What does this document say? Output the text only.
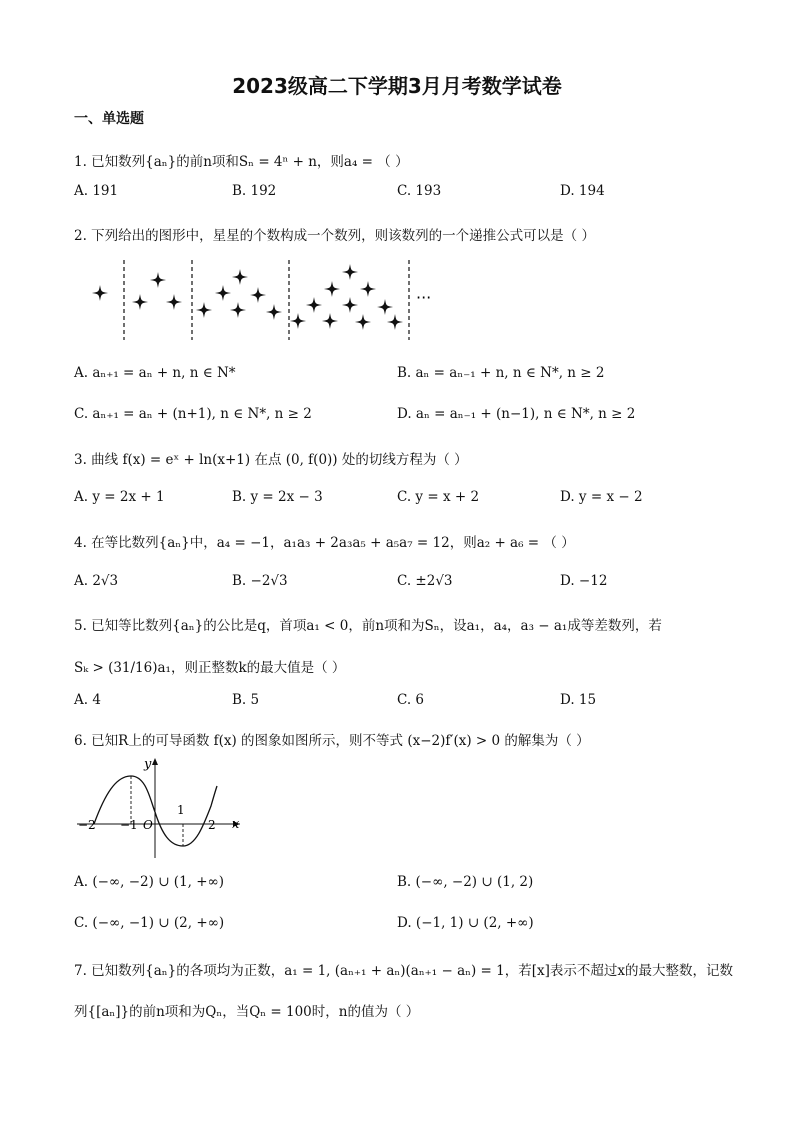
2023级高二下学期3月月考数学试卷
一、单选题
1. 已知数列{aₙ}的前n项和Sₙ = 4ⁿ + n，则a₄ = （ ）
A. 191	B. 192	C. 193	D. 194
2. 下列给出的图形中，星星的个数构成一个数列，则该数列的一个递推公式可以是（ ）
···
A. aₙ₊₁ = aₙ + n, n ∈ N*	B. aₙ = aₙ₋₁ + n, n ∈ N*, n ≥ 2
C. aₙ₊₁ = aₙ + (n+1), n ∈ N*, n ≥ 2	D. aₙ = aₙ₋₁ + (n−1), n ∈ N*, n ≥ 2
3. 曲线 f(x) = eˣ + ln(x+1) 在点 (0, f(0)) 处的切线方程为（ ）
A. y = 2x + 1	B. y = 2x − 3	C. y = x + 2	D. y = x − 2
4. 在等比数列{aₙ}中，a₄ = −1，a₁a₃ + 2a₃a₅ + a₅a₇ = 12，则a₂ + a₆ = （ ）
A. 2√3	B. −2√3	C. ±2√3	D. −12
5. 已知等比数列{aₙ}的公比是q，首项a₁ < 0，前n项和为Sₙ，设a₁，a₄，a₃ − a₁成等差数列，若
Sₖ > (31/16)a₁，则正整数k的最大值是（ ）
A. 4	B. 5	C. 6	D. 15
6. 已知R上的可导函数 f(x) 的图象如图所示，则不等式 (x−2)f′(x) > 0 的解集为（ ）
y
x
O
−2 −1
1
2
A. (−∞, −2) ∪ (1, +∞)	B. (−∞, −2) ∪ (1, 2)
C. (−∞, −1) ∪ (2, +∞)	D. (−1, 1) ∪ (2, +∞)
7. 已知数列{aₙ}的各项均为正数，a₁ = 1, (aₙ₊₁ + aₙ)(aₙ₊₁ − aₙ) = 1，若[x]表示不超过x的最大整数，记数
列{[aₙ]}的前n项和为Qₙ，当Qₙ = 100时，n的值为（ ）
